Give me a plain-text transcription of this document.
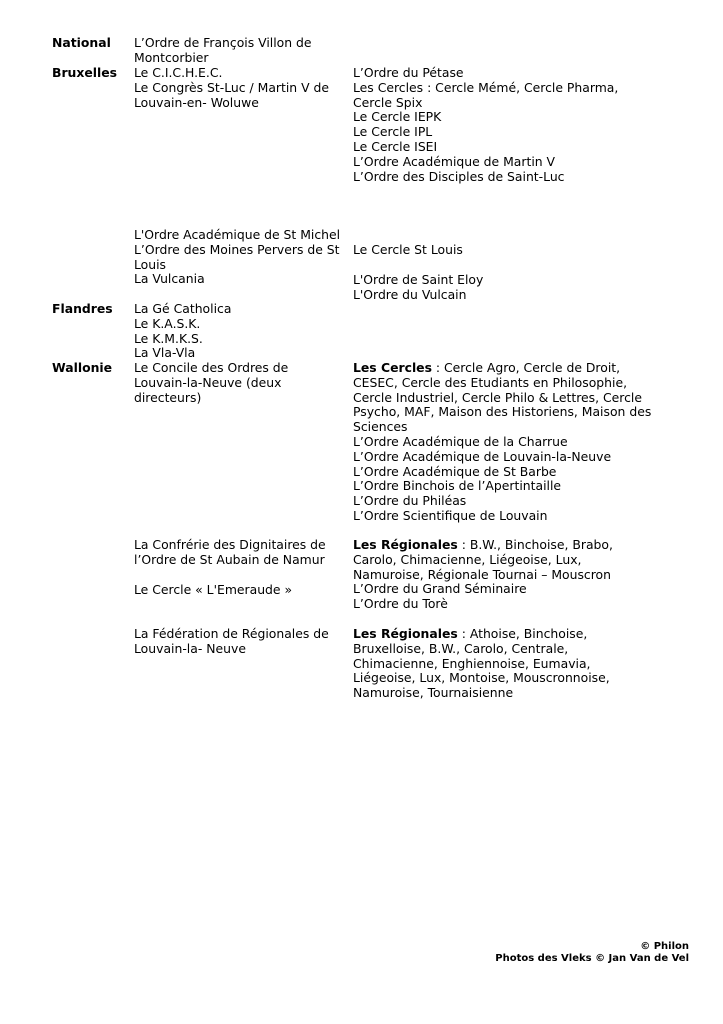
National L’Ordre de François Villon de
Montcorbier
Bruxelles Le C.I.C.H.E.C.
Le Congrès St-Luc / Martin V de
Louvain-en- Woluwe
L’Ordre du Pétase
Les Cercles : Cercle Mémé, Cercle Pharma,
Cercle Spix
Le Cercle IEPK
Le Cercle IPL
Le Cercle ISEI
L’Ordre Académique de Martin V
L’Ordre des Disciples de Saint-Luc
L'Ordre Académique de St Michel
L’Ordre des Moines Pervers de St
Louis
La Vulcania
Le Cercle St Louis
L'Ordre de Saint Eloy
L'Ordre du Vulcain
Flandres La Gé Catholica
Le K.A.S.K.
Le K.M.K.S.
La Vla-Vla
Wallonie Le Concile des Ordres de
Louvain-la-Neuve (deux
directeurs)
Les Cercles : Cercle Agro, Cercle de Droit,
CESEC, Cercle des Etudiants en Philosophie,
Cercle Industriel, Cercle Philo & Lettres, Cercle
Psycho, MAF, Maison des Historiens, Maison des
Sciences
L’Ordre Académique de la Charrue
L’Ordre Académique de Louvain-la-Neuve
L’Ordre Académique de St Barbe
L’Ordre Binchois de l’Apertintaille
L’Ordre du Philéas
L’Ordre Scientifique de Louvain
La Confrérie des Dignitaires de
l’Ordre de St Aubain de Namur
Le Cercle « L'Emeraude »
Les Régionales : B.W., Binchoise, Brabo,
Carolo, Chimacienne, Liégeoise, Lux,
Namuroise, Régionale Tournai – Mouscron
L’Ordre du Grand Séminaire
L’Ordre du Torè
La Fédération de Régionales de
Louvain-la- Neuve
Les Régionales : Athoise, Binchoise,
Bruxelloise, B.W., Carolo, Centrale,
Chimacienne, Enghiennoise, Eumavia,
Liégeoise, Lux, Montoise, Mouscronnoise,
Namuroise, Tournaisienne
© Philon
Photos des Vleks © Jan Van de Vel
